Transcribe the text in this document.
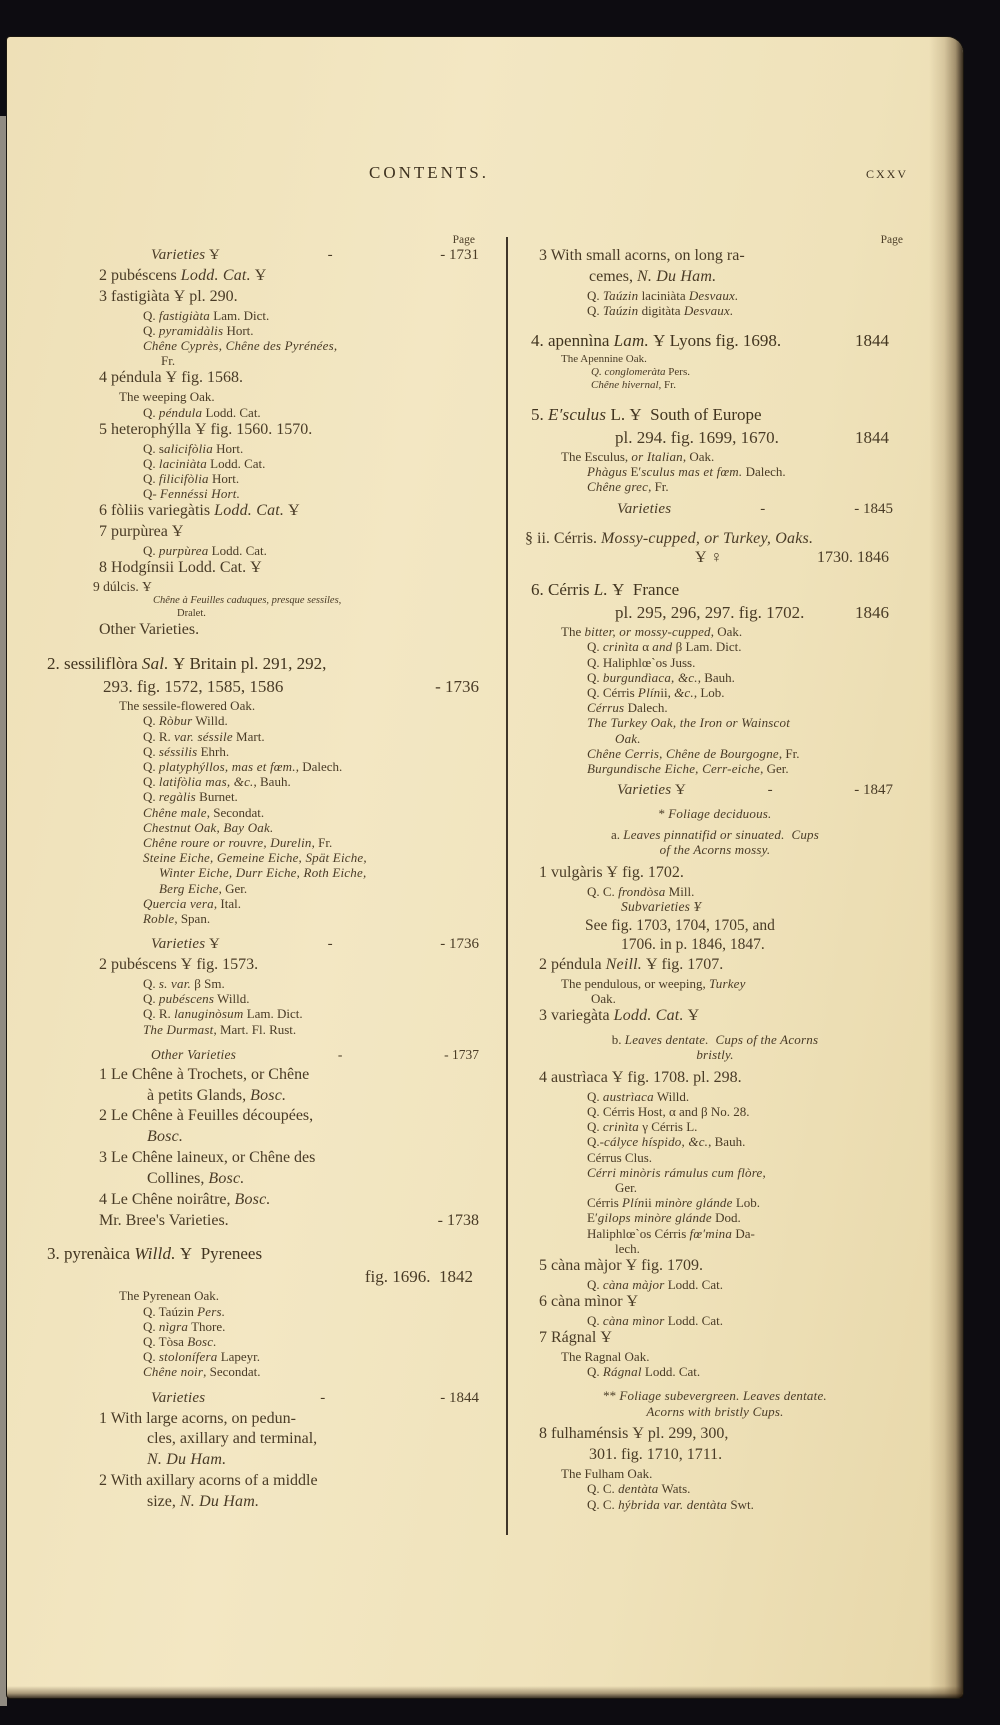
CONTENTS.	cxxv
Page
Varieties Ұ	-	- 1731
2 pubéscens Lodd. Cat. Ұ
3 fastigiàta Ұ pl. 290.
Q. fastigiàta Lam. Dict.
Q. pyramidàlis Hort.
Chêne Cyprès, Chêne des Pyrénées,
Fr.
4 péndula Ұ fig. 1568.
The weeping Oak.
Q. péndula Lodd. Cat.
5 heterophýlla Ұ fig. 1560. 1570.
Q. salicifòlia Hort.
Q. laciniàta Lodd. Cat.
Q. filicifòlia Hort.
Q- Fennéssi Hort.
6 fòliis variegàtis Lodd. Cat. Ұ
7 purpùrea Ұ
Q. purpùrea Lodd. Cat.
8 Hodgínsii Lodd. Cat. Ұ
9 dúlcis. Ұ
Chêne à Feuilles caduques, presque sessiles,
Dralet.
Other Varieties.
2. sessiliflòra Sal. Ұ Britain pl. 291, 292,
293. fig. 1572, 1585, 1586	- 1736
The sessile-flowered Oak.
Q. Ròbur Willd.
Q. R. var. séssile Mart.
Q. séssilis Ehrh.
Q. platyphýllos, mas et fœm., Dalech.
Q. latifòlia mas, &c., Bauh.
Q. regàlis Burnet.
Chêne male, Secondat.
Chestnut Oak, Bay Oak.
Chêne roure or rouvre, Durelin, Fr.
Steine Eiche, Gemeine Eiche, Spät Eiche,
Winter Eiche, Durr Eiche, Roth Eiche,
Berg Eiche, Ger.
Quercia vera, Ital.
Roble, Span.
Varieties Ұ	-	- 1736
2 pubéscens Ұ fig. 1573.
Q. s. var. β Sm.
Q. pubéscens Willd.
Q. R. lanuginòsum Lam. Dict.
The Durmast, Mart. Fl. Rust.
Other Varieties	-	- 1737
1 Le Chêne à Trochets, or Chêne
à petits Glands, Bosc.
2 Le Chêne à Feuilles découpées,
Bosc.
3 Le Chêne laineux, or Chêne des
Collines, Bosc.
4 Le Chêne noirâtre, Bosc.
Mr. Bree's Varieties.	- 1738
3. pyrenàica Willd. Ұ  Pyrenees
fig. 1696.  1842
The Pyrenean Oak.
Q. Taúzin Pers.
Q. nìgra Thore.
Q. Tòsa Bosc.
Q. stolonífera Lapeyr.
Chêne noir, Secondat.
Varieties	-	- 1844
1 With large acorns, on pedun-
cles, axillary and terminal,
N. Du Ham.
2 With axillary acorns of a middle
size, N. Du Ham.
Page
3 With small acorns, on long ra-
cemes, N. Du Ham.
Q. Taúzin laciniàta Desvaux.
Q. Taúzin digitàta Desvaux.
4. apennìna Lam. Ұ Lyons fig. 1698.	1844
The Apennine Oak.
Q. conglomeràta Pers.
Chêne hivernal, Fr.
5. E′sculus L. Ұ  South of Europe
pl. 294. fig. 1699, 1670.	1844
The Esculus, or Italian, Oak.
Phàgus E′sculus mas et fœm. Dalech.
Chêne grec, Fr.
Varieties	-	- 1845
§ ii. Cérris. Mossy-cupped, or Turkey, Oaks.
Ұ ♀	1730. 1846
6. Cérris L. Ұ  France
pl. 295, 296, 297. fig. 1702.	1846
The bitter, or mossy-cupped, Oak.
Q. crinìta α and β Lam. Dict.
Q. Haliphlœ`os Juss.
Q. burgundìaca, &c., Bauh.
Q. Cérris Plínii, &c., Lob.
Cérrus Dalech.
The Turkey Oak, the Iron or Wainscot
Oak.
Chêne Cerris, Chêne de Bourgogne, Fr.
Burgundische Eiche, Cerr-eiche, Ger.
Varieties Ұ	-	- 1847
* Foliage deciduous.
a. Leaves pinnatifid or sinuated.  Cups
of the Acorns mossy.
1 vulgàris Ұ fig. 1702.
Q. C. frondòsa Mill.
Subvarieties Ұ
See fig. 1703, 1704, 1705, and
1706. in p. 1846, 1847.
2 péndula Neill. Ұ fig. 1707.
The pendulous, or weeping, Turkey
Oak.
3 variegàta Lodd. Cat. Ұ
b. Leaves dentate.  Cups of the Acorns
bristly.
4 austrìaca Ұ fig. 1708. pl. 298.
Q. austrìaca Willd.
Q. Cérris Host, α and β No. 28.
Q. crinìta γ Cérris L.
Q.-cályce híspido, &c., Bauh.
Cérrus Clus.
Cérri minòris rámulus cum flòre,
Ger.
Cérris Plínii minòre glánde Lob.
E′gilops minòre glánde Dod.
Haliphlœ`os Cérris fœ′mina Da-
lech.
5 càna màjor Ұ fig. 1709.
Q. càna màjor Lodd. Cat.
6 càna mìnor Ұ
Q. càna mìnor Lodd. Cat.
7 Rágnal Ұ
The Ragnal Oak.
Q. Rágnal Lodd. Cat.
** Foliage subevergreen. Leaves dentate.
Acorns with bristly Cups.
8 fulhaménsis Ұ pl. 299, 300,
301. fig. 1710, 1711.
The Fulham Oak.
Q. C. dentàta Wats.
Q. C. hýbrida var. dentàta Swt.
